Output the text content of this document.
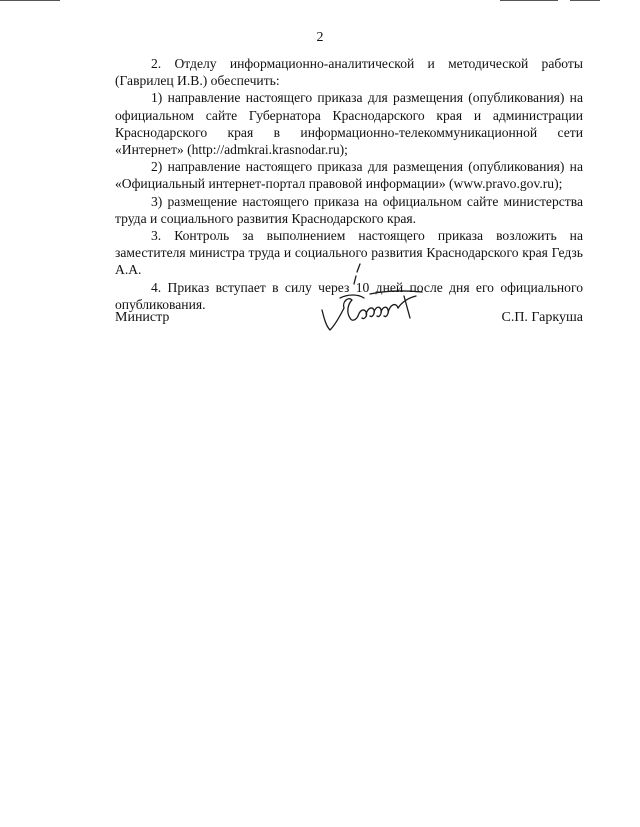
2

2. Отделу информационно-аналитической и методической работы (Гаврилец И.В.) обеспечить:

1) направление настоящего приказа для размещения (опубликования) на официальном сайте Губернатора Краснодарского края и администрации Краснодарского края в информационно-телекоммуникационной сети «Интернет» (http://admkrai.krasnodar.ru);

2) направление настоящего приказа для размещения (опубликования) на «Официальный интернет-портал правовой информации» (www.pravo.gov.ru);

3) размещение настоящего приказа на официальном сайте министерства труда и социального развития Краснодарского края.

3. Контроль за выполнением настоящего приказа возложить на заместителя министра труда и социального развития Краснодарского края Гедзь А.А.

4. Приказ вступает в силу через 10 дней после дня его официального опубликования.

Министр	С.П. Гаркуша
